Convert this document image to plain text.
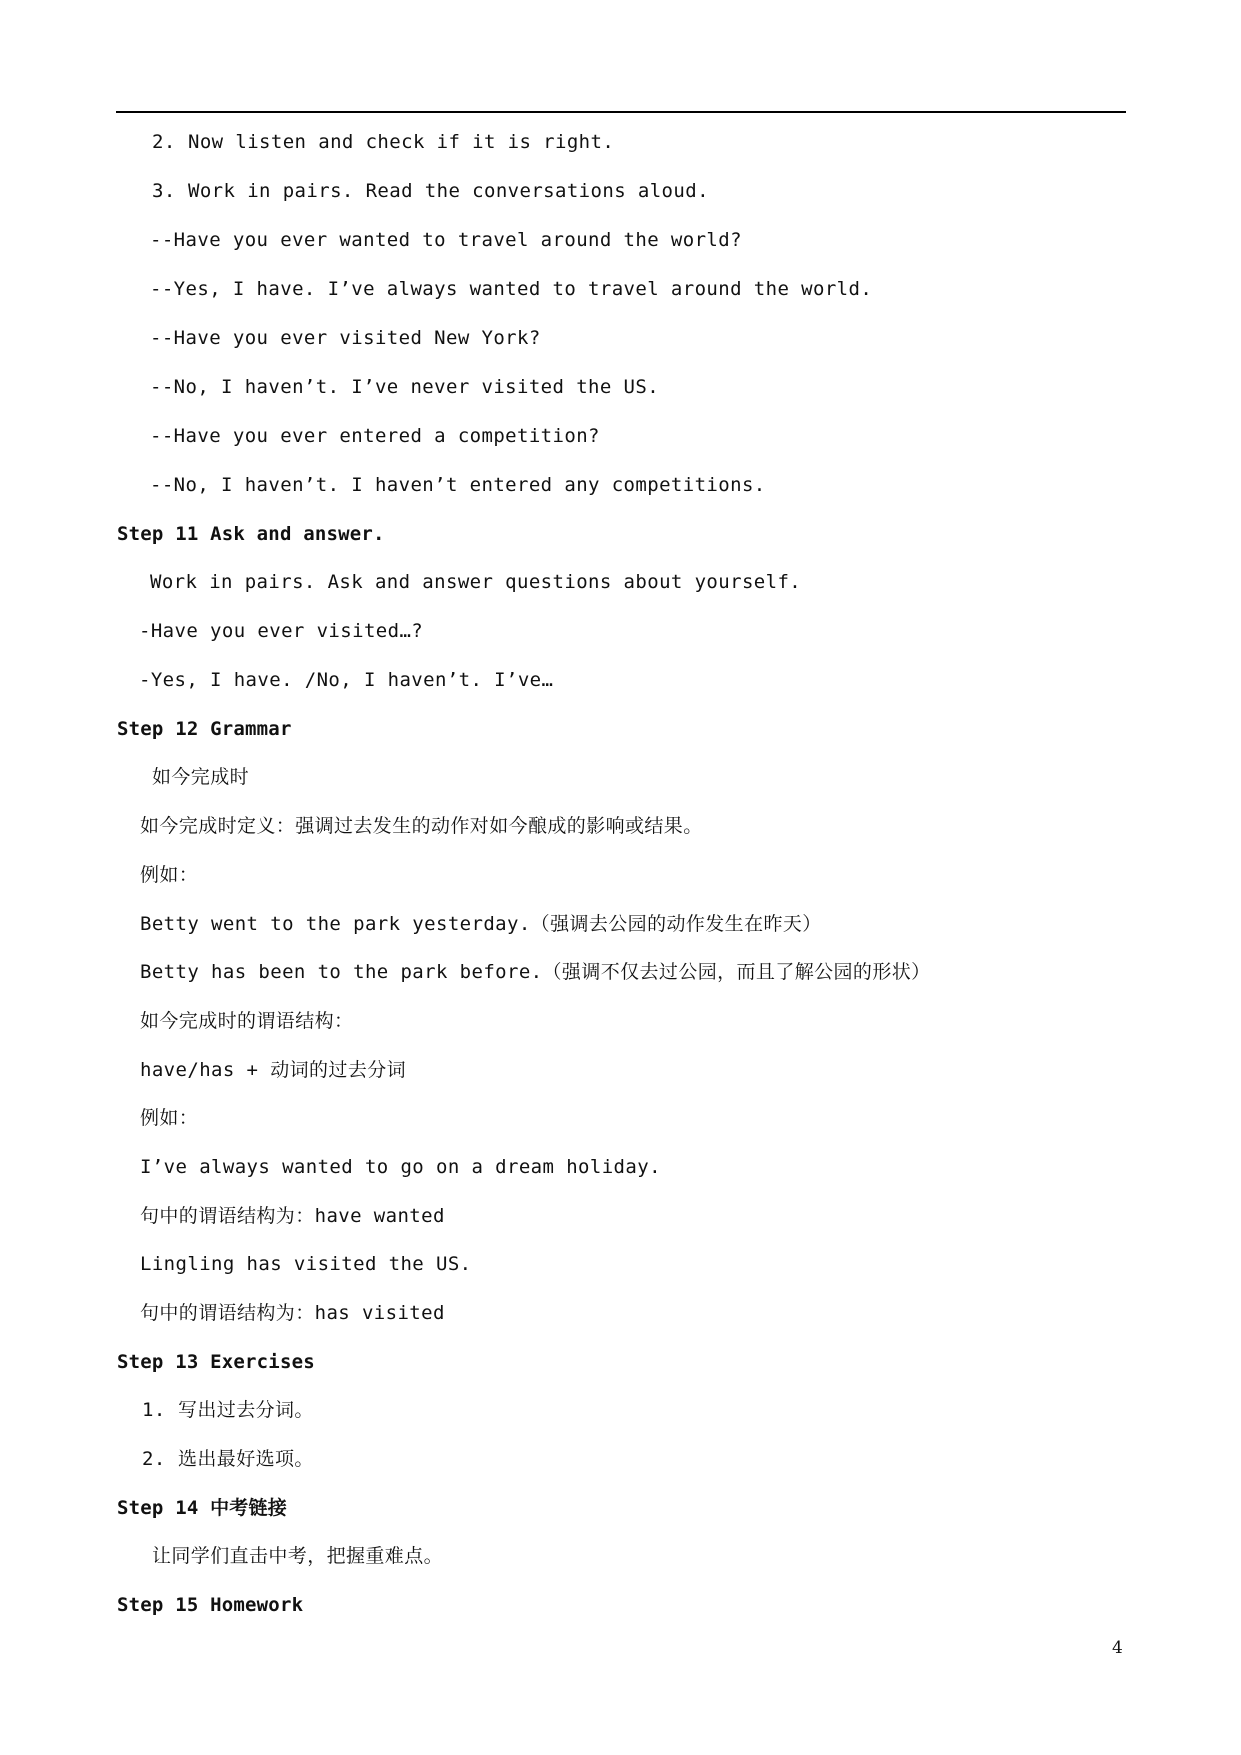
2. Now listen and check if it is right.
3. Work in pairs. Read the conversations aloud.
--Have you ever wanted to travel around the world?
--Yes, I have. I’ve always wanted to travel around the world.
--Have you ever visited New York?
--No, I haven’t. I’ve never visited the US.
--Have you ever entered a competition?
--No, I haven’t. I haven’t entered any competitions.
Step 11 Ask and answer.
Work in pairs. Ask and answer questions about yourself.
-Have you ever visited…?
-Yes, I have. /No, I haven’t. I’ve…
Step 12 Grammar
如今完成时
如今完成时定义：强调过去发生的动作对如今酿成的影响或结果。
例如：
Betty went to the park yesterday.（强调去公园的动作发生在昨天）
Betty has been to the park before.（强调不仅去过公园，而且了解公园的形状）
如今完成时的谓语结构：
have/has + 动词的过去分词
例如：
I’ve always wanted to go on a dream holiday.
句中的谓语结构为：have wanted
Lingling has visited the US.
句中的谓语结构为：has visited
Step 13 Exercises
1. 写出过去分词。
2. 选出最好选项。
Step 14 中考链接
让同学们直击中考，把握重难点。
Step 15 Homework
4
